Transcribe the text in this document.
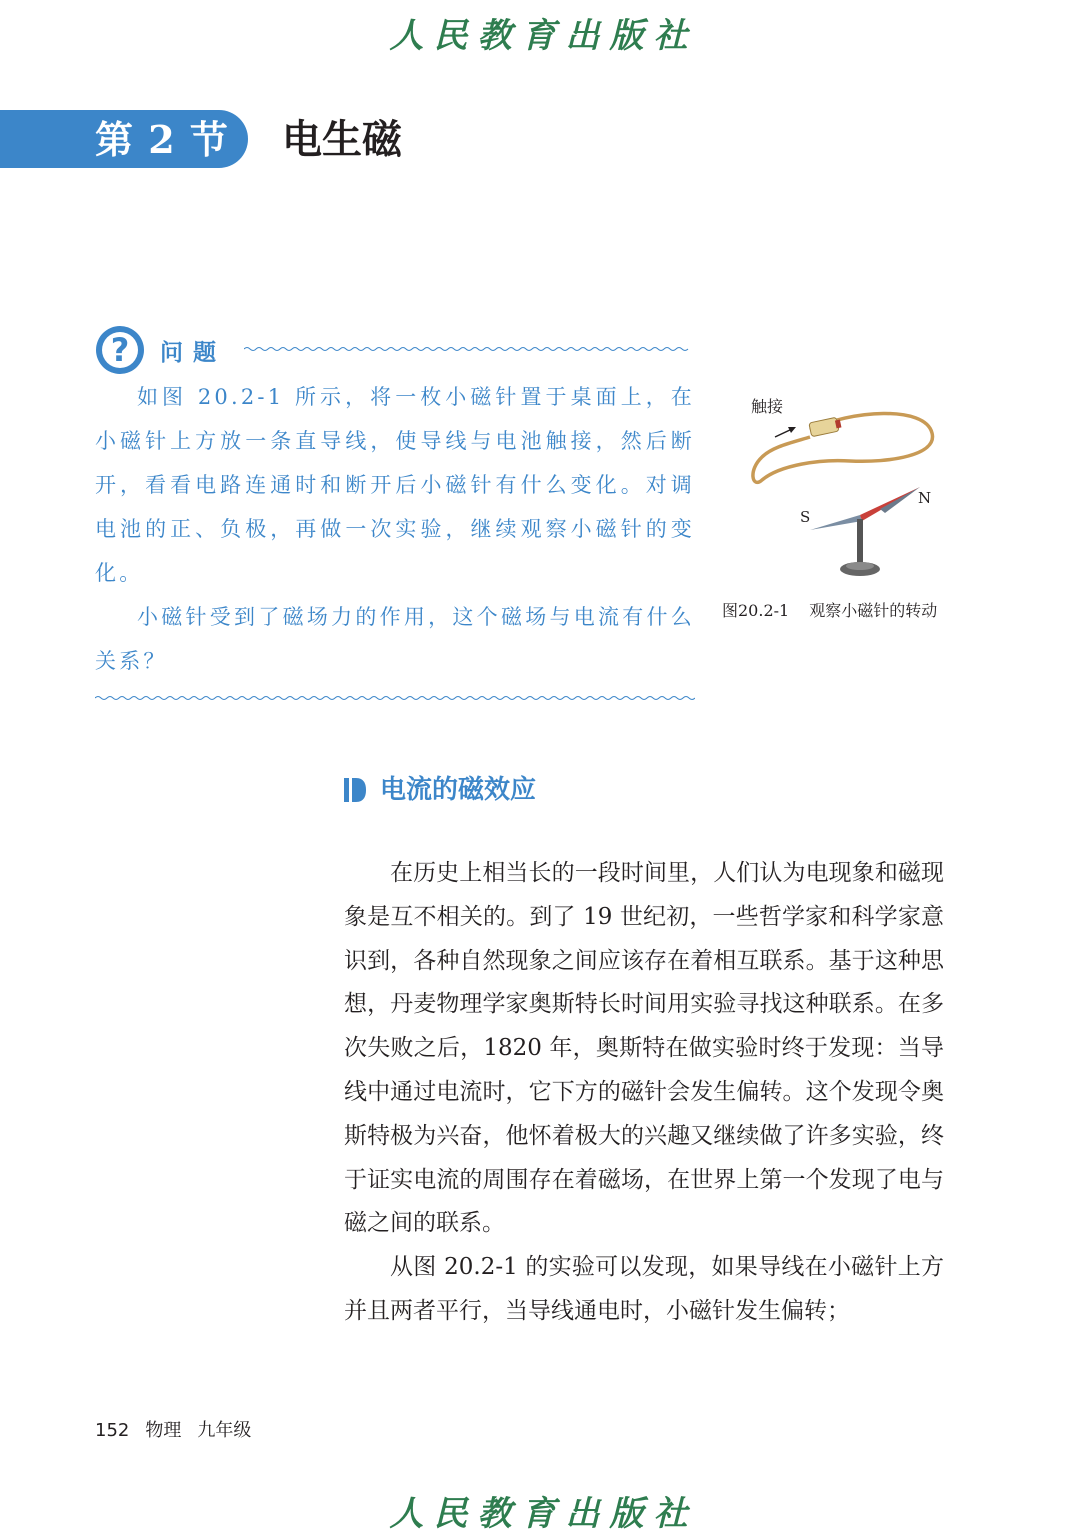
人民教育出版社
第 2 节 电生磁
?	问题

如图 20.2-1 所示，将一枚小磁针置于桌面上，在小磁针上方放一条直导线，使导线与电池触接，然后断开，看看电路连通时和断开后小磁针有什么变化。对调电池的正、负极，再做一次实验，继续观察小磁针的变化。

小磁针受到了磁场力的作用，这个磁场与电流有什么关系？

触接
S
N
图20.2-1 观察小磁针的转动
电流的磁效应

在历史上相当长的一段时间里，人们认为电现象和磁现象是互不相关的。到了 19 世纪初，一些哲学家和科学家意识到，各种自然现象之间应该存在着相互联系。基于这种思想，丹麦物理学家奥斯特长时间用实验寻找这种联系。在多次失败之后，1820 年，奥斯特在做实验时终于发现：当导线中通过电流时，它下方的磁针会发生偏转。这个发现令奥斯特极为兴奋，他怀着极大的兴趣又继续做了许多实验，终于证实电流的周围存在着磁场，在世界上第一个发现了电与磁之间的联系。

从图 20.2-1 的实验可以发现，如果导线在小磁针上方并且两者平行，当导线通电时，小磁针发生偏转；

152 物理 九年级
人民教育出版社
